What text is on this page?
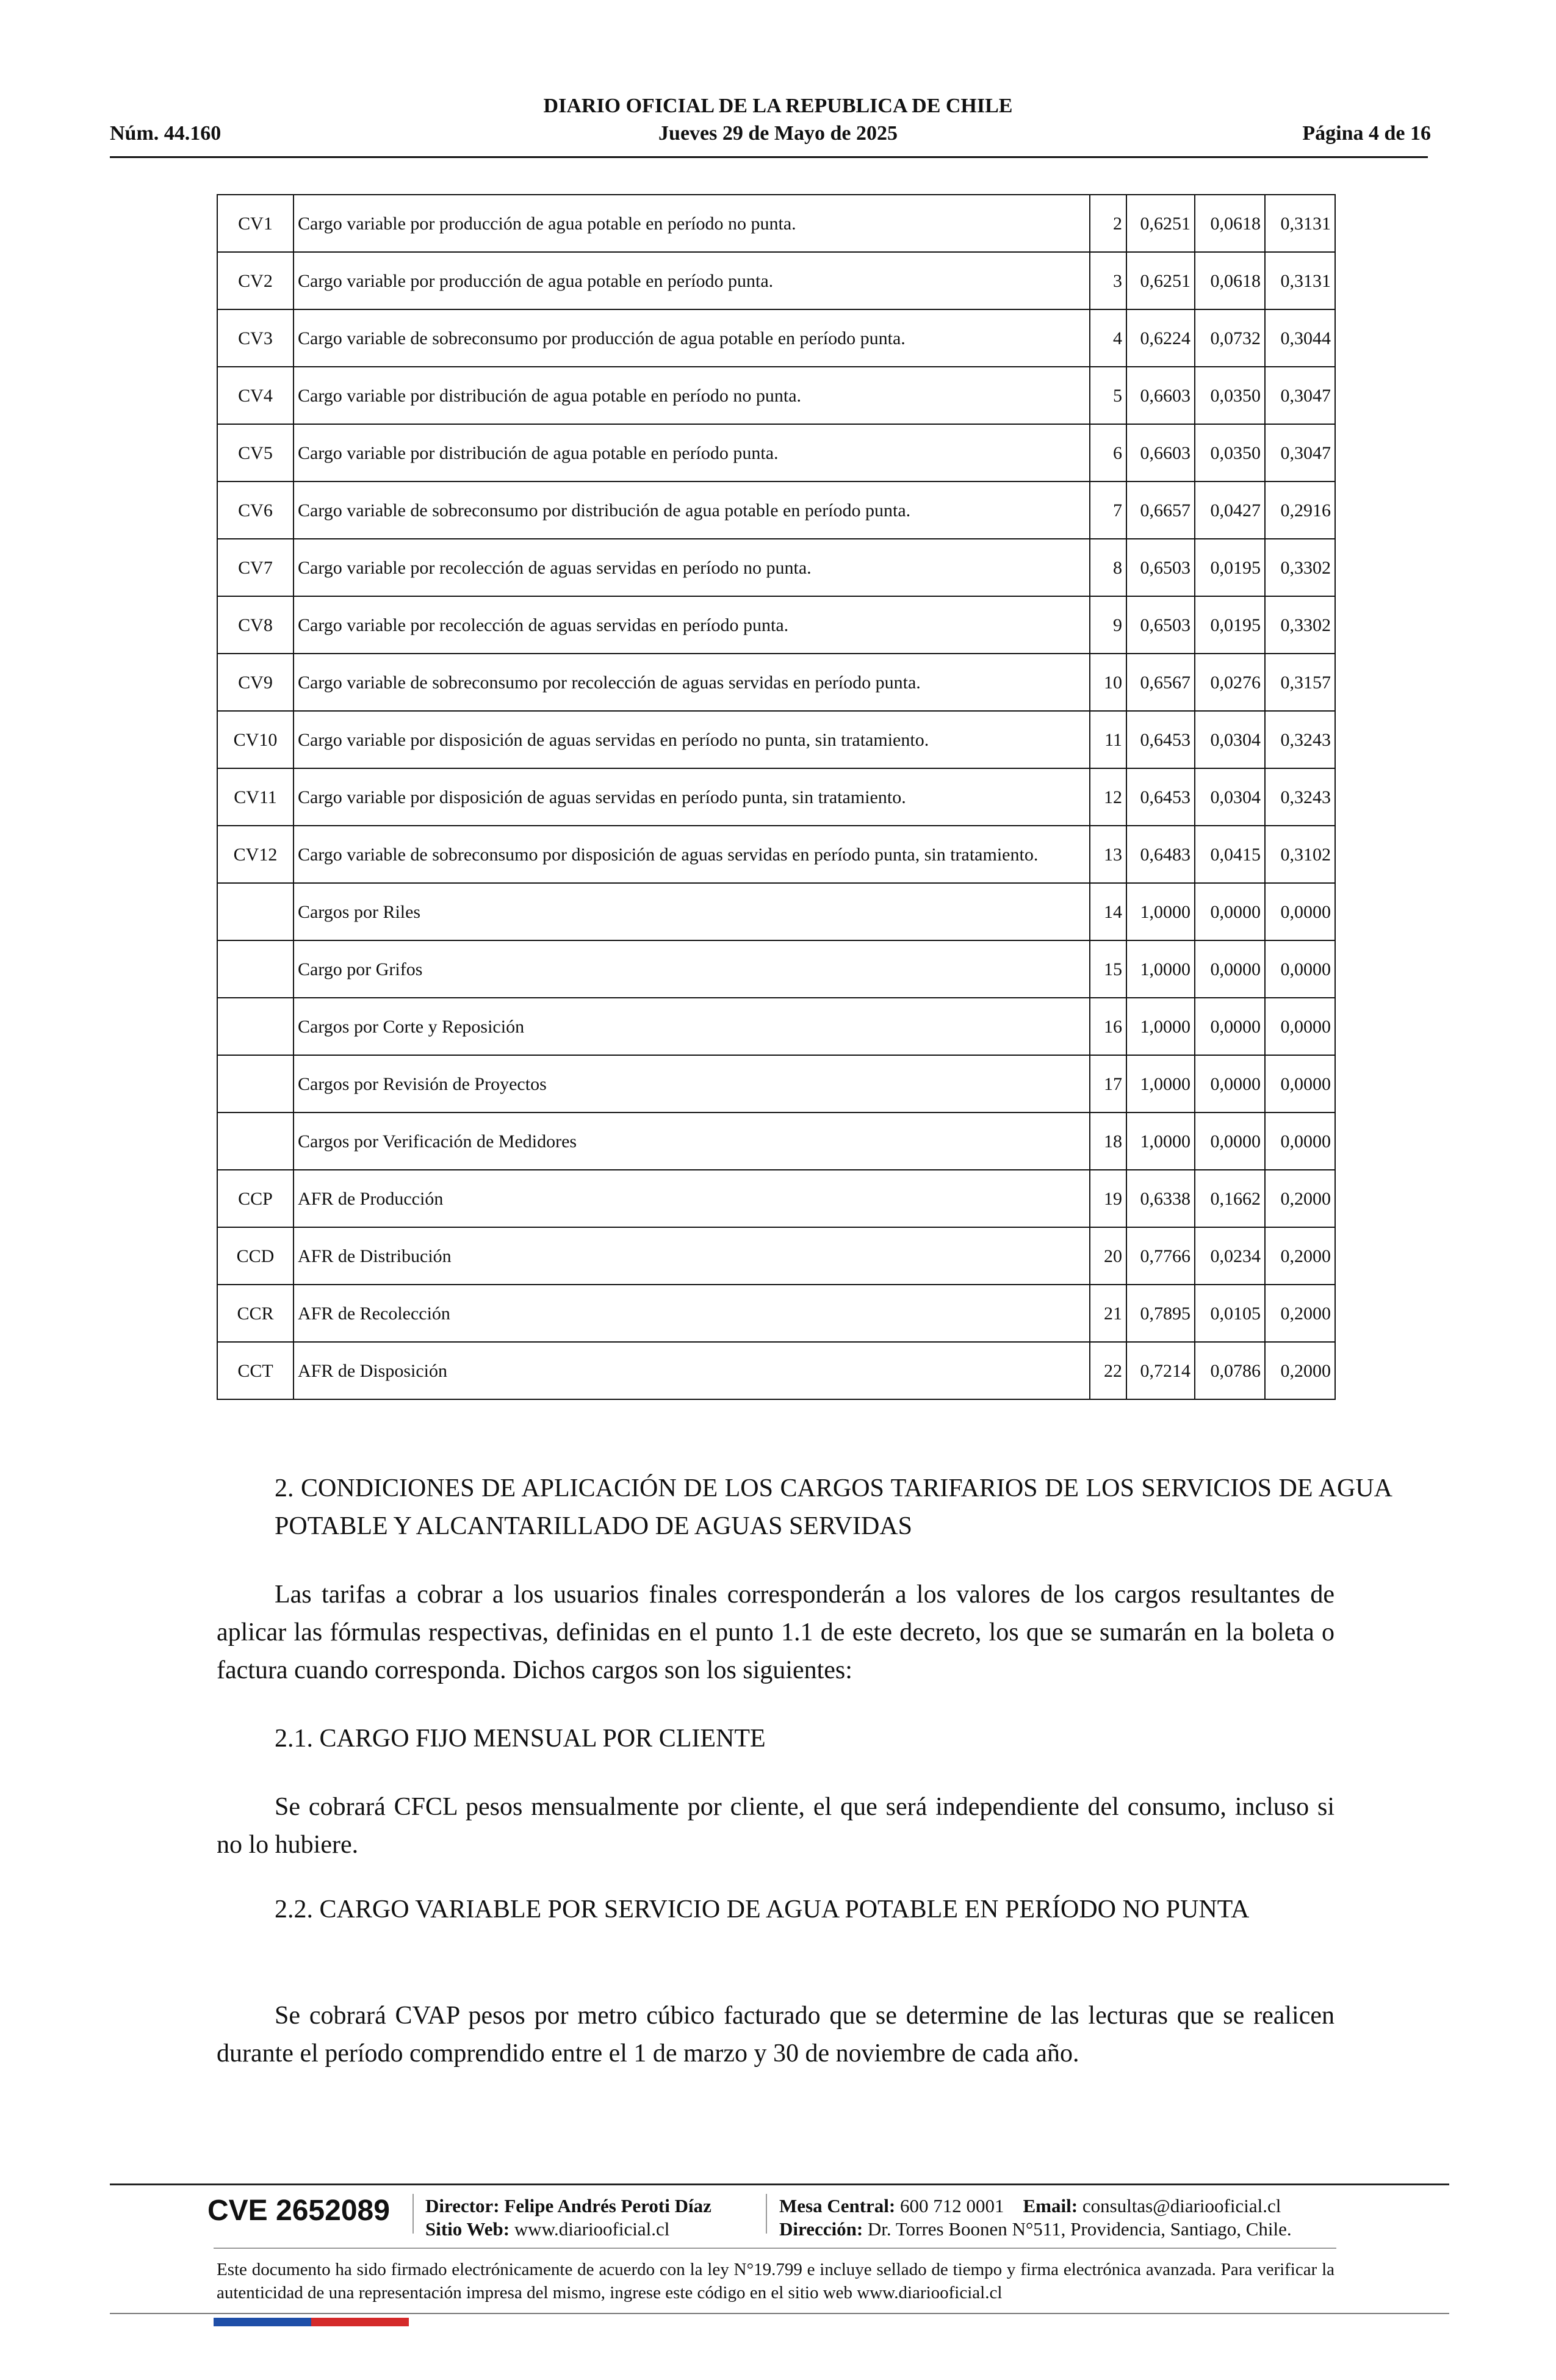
DIARIO OFICIAL DE LA REPUBLICA DE CHILE
Núm. 44.160	Jueves 29 de Mayo de 2025	Página 4 de 16
CV1	Cargo variable por producción de agua potable en período no punta.	2	0,6251	0,0618	0,3131
CV2	Cargo variable por producción de agua potable en período punta.	3	0,6251	0,0618	0,3131
CV3	Cargo variable de sobreconsumo por producción de agua potable en período punta.	4	0,6224	0,0732	0,3044
CV4	Cargo variable por distribución de agua potable en período no punta.	5	0,6603	0,0350	0,3047
CV5	Cargo variable por distribución de agua potable en período punta.	6	0,6603	0,0350	0,3047
CV6	Cargo variable de sobreconsumo por distribución de agua potable en período punta.	7	0,6657	0,0427	0,2916
CV7	Cargo variable por recolección de aguas servidas en período no punta.	8	0,6503	0,0195	0,3302
CV8	Cargo variable por recolección de aguas servidas en período punta.	9	0,6503	0,0195	0,3302
CV9	Cargo variable de sobreconsumo por recolección de aguas servidas en período punta.	10	0,6567	0,0276	0,3157
CV10	Cargo variable por disposición de aguas servidas en período no punta, sin tratamiento.	11	0,6453	0,0304	0,3243
CV11	Cargo variable por disposición de aguas servidas en período punta, sin tratamiento.	12	0,6453	0,0304	0,3243
CV12	Cargo variable de sobreconsumo por disposición de aguas servidas en período punta, sin tratamiento.	13	0,6483	0,0415	0,3102
	Cargos por Riles	14	1,0000	0,0000	0,0000
	Cargo por Grifos	15	1,0000	0,0000	0,0000
	Cargos por Corte y Reposición	16	1,0000	0,0000	0,0000
	Cargos por Revisión de Proyectos	17	1,0000	0,0000	0,0000
	Cargos por Verificación de Medidores	18	1,0000	0,0000	0,0000
CCP	AFR de Producción	19	0,6338	0,1662	0,2000
CCD	AFR de Distribución	20	0,7766	0,0234	0,2000
CCR	AFR de Recolección	21	0,7895	0,0105	0,2000
CCT	AFR de Disposición	22	0,7214	0,0786	0,2000
2. CONDICIONES DE APLICACIÓN DE LOS CARGOS TARIFARIOS DE LOS SERVICIOS DE AGUA POTABLE Y ALCANTARILLADO DE AGUAS SERVIDAS
Las tarifas a cobrar a los usuarios finales corresponderán a los valores de los cargos resultantes de aplicar las fórmulas respectivas, definidas en el punto 1.1 de este decreto, los que se sumarán en la boleta o factura cuando corresponda. Dichos cargos son los siguientes:
2.1. CARGO FIJO MENSUAL POR CLIENTE
Se cobrará CFCL pesos mensualmente por cliente, el que será independiente del consumo, incluso si no lo hubiere.
2.2. CARGO VARIABLE POR SERVICIO DE AGUA POTABLE EN PERÍODO NO PUNTA
Se cobrará CVAP pesos por metro cúbico facturado que se determine de las lecturas que se realicen durante el período comprendido entre el 1 de marzo y 30 de noviembre de cada año.
CVE 2652089 Director: Felipe Andrés Peroti Díaz
Sitio Web: www.diariooficial.cl
Mesa Central: 600 712 0001 Email: consultas@diariooficial.cl
Dirección: Dr. Torres Boonen N°511, Providencia, Santiago, Chile.
Este documento ha sido firmado electrónicamente de acuerdo con la ley N°19.799 e incluye sellado de tiempo y firma electrónica avanzada. Para verificar la autenticidad de una representación impresa del mismo, ingrese este código en el sitio web www.diariooficial.cl
